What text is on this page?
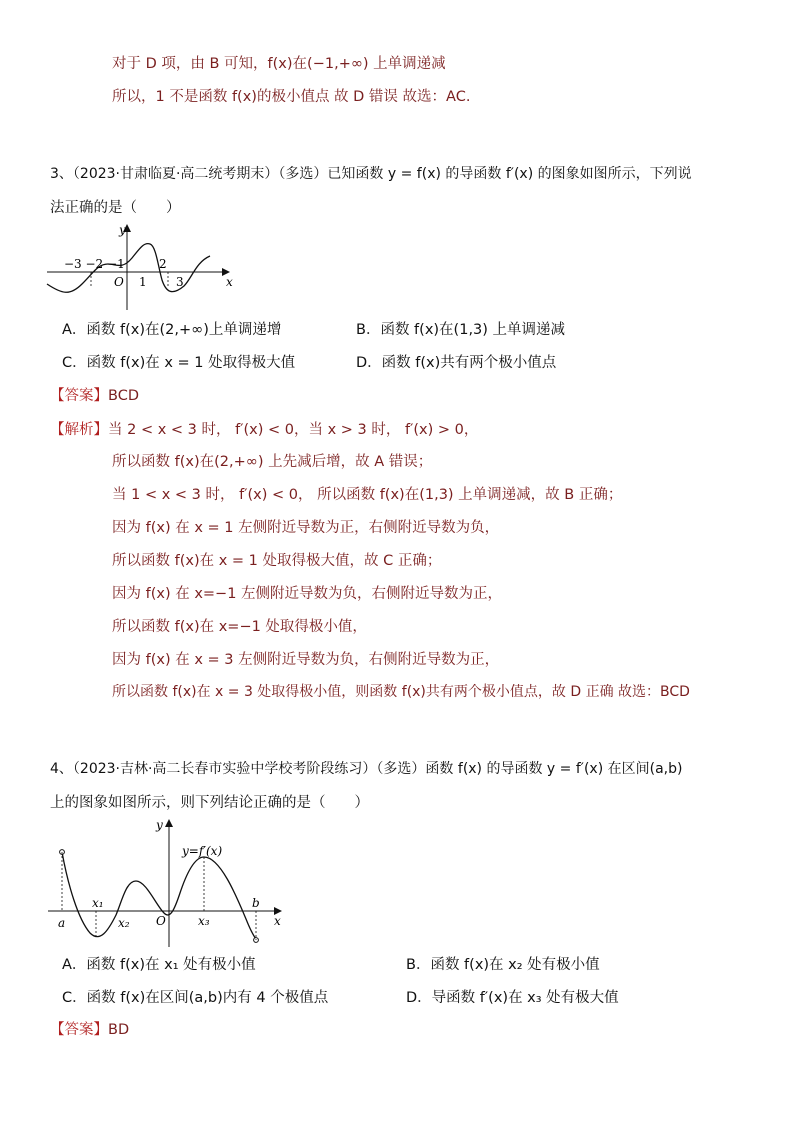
对于 D 项，由 B 可知，f(x)在(−1,+∞) 上单调递减
所以，1 不是函数 f(x)的极小值点 故 D 错误 故选：AC.
3、（2023·甘肃临夏·高二统考期末）（多选）已知函数 y = f(x) 的导函数 f′(x) 的图象如图所示，下列说
法正确的是（　　）
y
x
O
−3 −2 −1
1
2
3
A．函数 f(x)在(2,+∞)上单调递增	B．函数 f(x)在(1,3) 上单调递减
C．函数 f(x)在 x = 1 处取得极大值	D．函数 f(x)共有两个极小值点
【答案】BCD
【解析】当 2 < x < 3 时， f′(x) < 0，当 x > 3 时， f′(x) > 0，
所以函数 f(x)在(2,+∞) 上先减后增，故 A 错误；
当 1 < x < 3 时， f′(x) < 0， 所以函数 f(x)在(1,3) 上单调递减，故 B 正确；
因为 f(x) 在 x = 1 左侧附近导数为正，右侧附近导数为负，
所以函数 f(x)在 x = 1 处取得极大值，故 C 正确；
因为 f(x) 在 x=−1 左侧附近导数为负，右侧附近导数为正，
所以函数 f(x)在 x=−1 处取得极小值，
因为 f(x) 在 x = 3 左侧附近导数为负，右侧附近导数为正，
所以函数 f(x)在 x = 3 处取得极小值，则函数 f(x)共有两个极小值点，故 D 正确 故选：BCD
4、（2023·吉林·高二长春市实验中学校考阶段练习）（多选）函数 f(x) 的导函数 y = f′(x) 在区间(a,b)
上的图象如图所示，则下列结论正确的是（　　）
y
x
O
y=f′(x)
a
b
x₁
x₂	x₃
A．函数 f(x)在 x₁ 处有极小值	B．函数 f(x)在 x₂ 处有极小值
C．函数 f(x)在区间(a,b)内有 4 个极值点	D．导函数 f′(x)在 x₃ 处有极大值
【答案】BD
